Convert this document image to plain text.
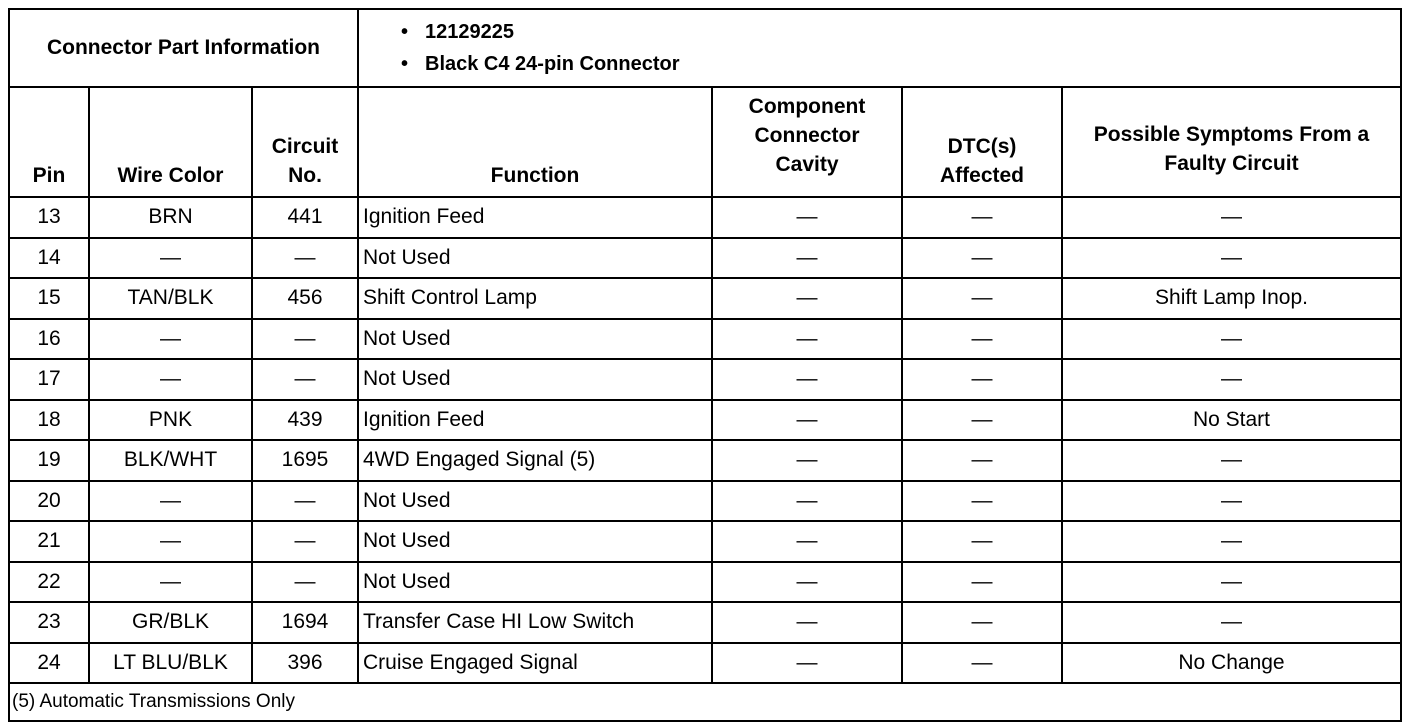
Connector Part Information			• 12129225
• Black C4 24-pin Connector			

Pin	Wire Color	Circuit No.	Function	Component Connector Cavity	DTC(s) Affected	Possible Symptoms From a Faulty Circuit
13	BRN	441	Ignition Feed	—	—	—
14	—	—	Not Used	—	—	—
15	TAN/BLK	456	Shift Control Lamp	—	—	Shift Lamp Inop.
16	—	—	Not Used	—	—	—
17	—	—	Not Used	—	—	—
18	PNK	439	Ignition Feed	—	—	No Start
19	BLK/WHT	1695	4WD Engaged Signal (5)	—	—	—
20	—	—	Not Used	—	—	—
21	—	—	Not Used	—	—	—
22	—	—	Not Used	—	—	—
23	GR/BLK	1694	Transfer Case HI Low Switch	—	—	—
24	LT BLU/BLK	396	Cruise Engaged Signal	—	—	No Change
(5) Automatic Transmissions Only						
